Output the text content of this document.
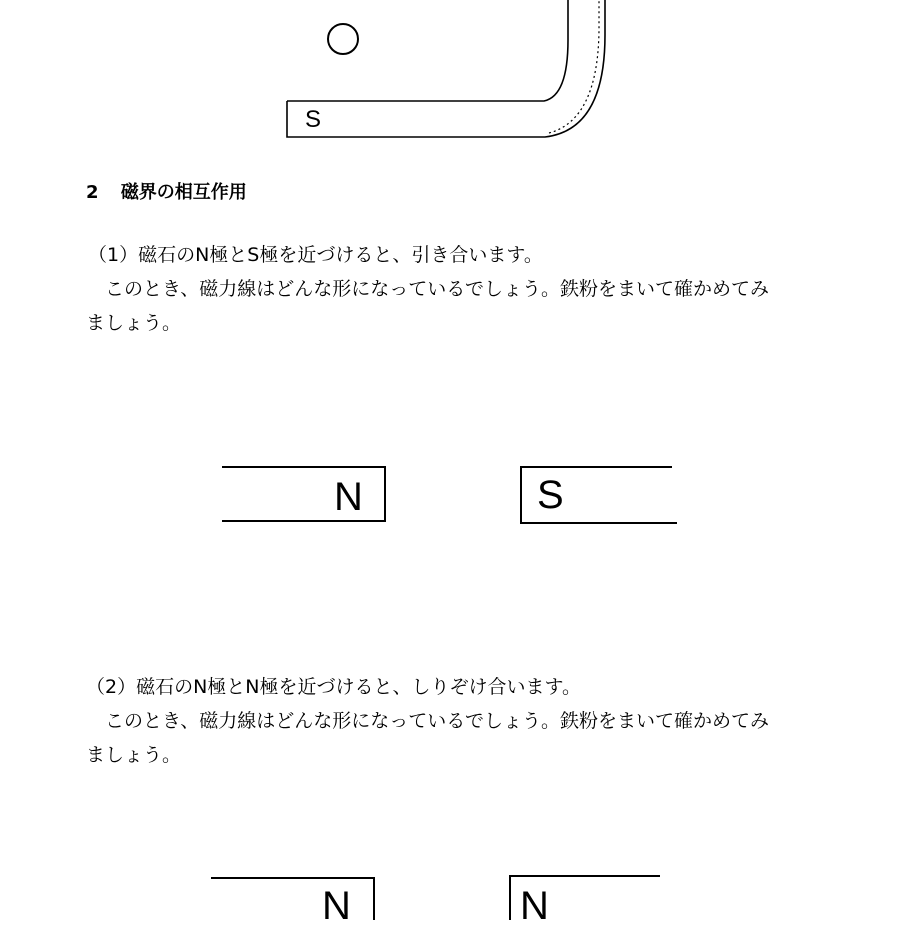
S
2 磁界の相互作用
（1）磁石のN極とS極を近づけると、引き合います。
　このとき、磁力線はどんな形になっているでしょう。鉄粉をまいて確かめてみ
ましょう。
N	S
（2）磁石のN極とN極を近づけると、しりぞけ合います。
　このとき、磁力線はどんな形になっているでしょう。鉄粉をまいて確かめてみ
ましょう。
N	N
